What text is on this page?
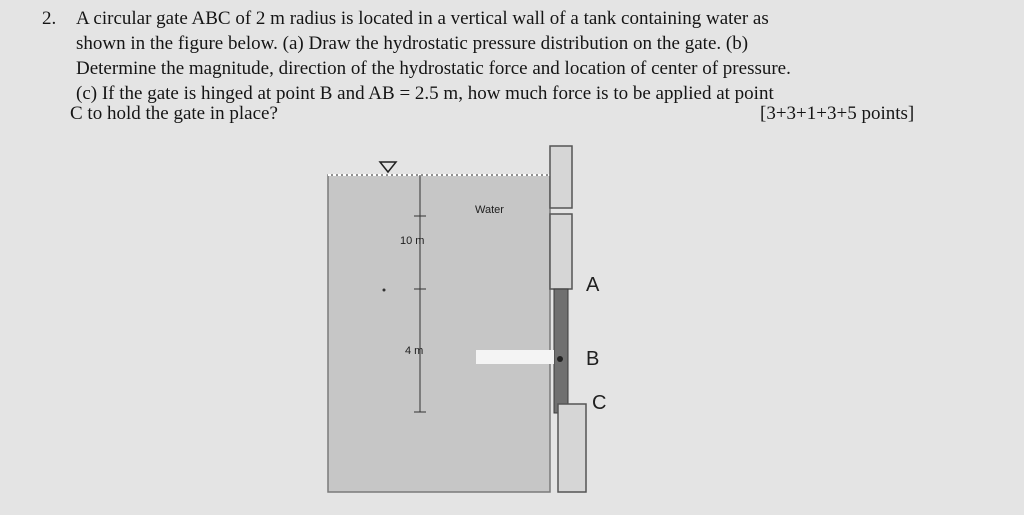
2. A circular gate ABC of 2 m radius is located in a vertical wall of a tank containing water as
shown in the figure below. (a) Draw the hydrostatic pressure distribution on the gate. (b)
Determine the magnitude, direction of the hydrostatic force and location of center of pressure.
(c) If the gate is hinged at point B and AB = 2.5 m, how much force is to be applied at point
C to hold the gate in place?	[3+3+1+3+5 points]
Water
10 m
4 m
A
B
C
